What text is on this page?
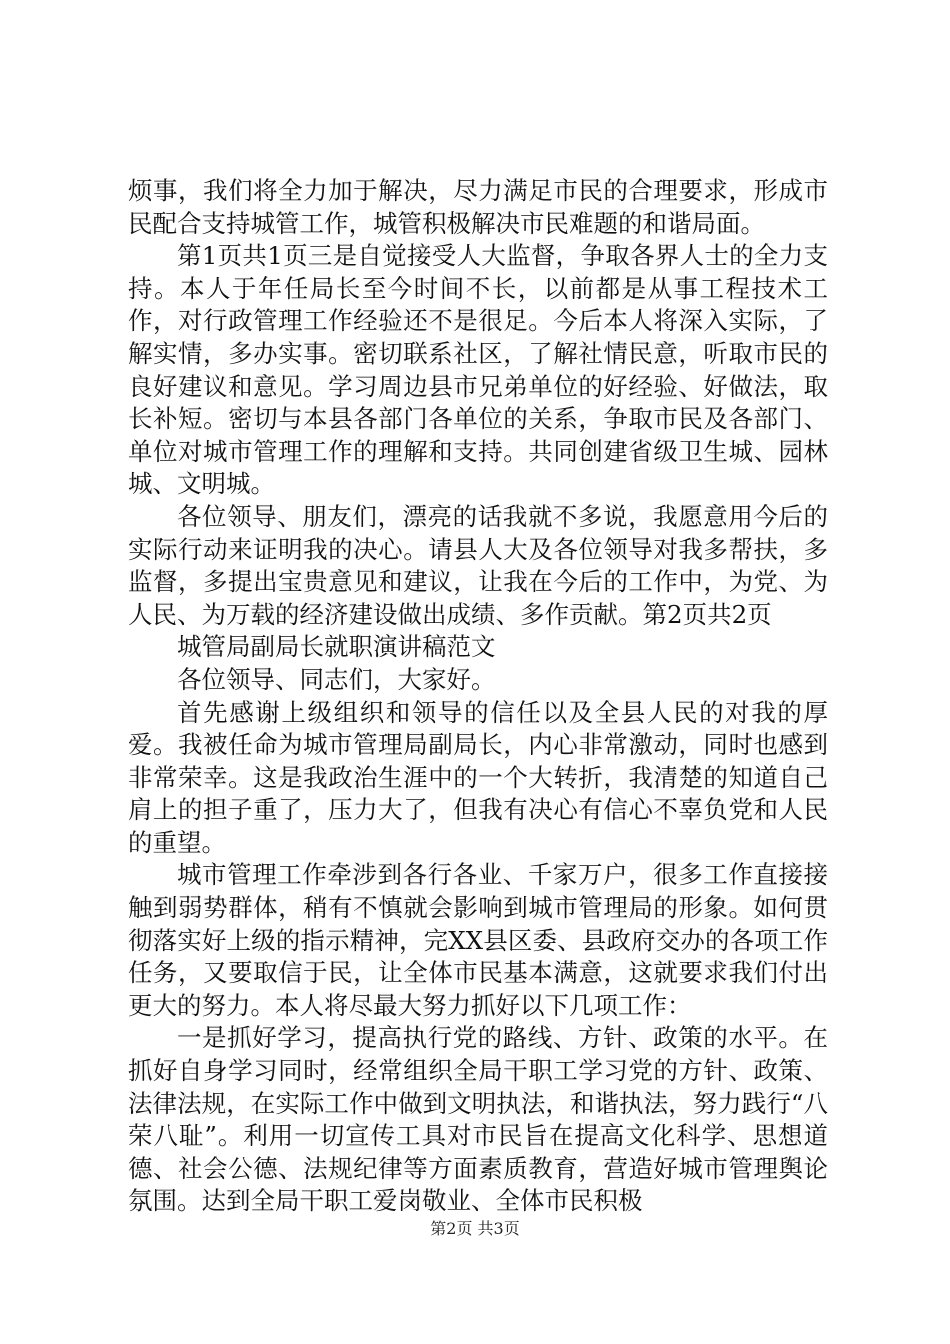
烦事，我们将全力加于解决，尽力满足市民的合理要求，形成市民配合支持城管工作，城管积极解决市民难题的和谐局面。

第1页共1页三是自觉接受人大监督，争取各界人士的全力支持。本人于年任局长至今时间不长，以前都是从事工程技术工作，对行政管理工作经验还不是很足。今后本人将深入实际，了解实情，多办实事。密切联系社区，了解社情民意，听取市民的良好建议和意见。学习周边县市兄弟单位的好经验、好做法，取长补短。密切与本县各部门各单位的关系，争取市民及各部门、单位对城市管理工作的理解和支持。共同创建省级卫生城、园林城、文明城。

各位领导、朋友们，漂亮的话我就不多说，我愿意用今后的实际行动来证明我的决心。请县人大及各位领导对我多帮扶，多监督，多提出宝贵意见和建议，让我在今后的工作中，为党、为人民、为万载的经济建设做出成绩、多作贡献。第2页共2页

城管局副局长就职演讲稿范文

各位领导、同志们，大家好。

首先感谢上级组织和领导的信任以及全县人民的对我的厚爱。我被任命为城市管理局副局长，内心非常激动，同时也感到非常荣幸。这是我政治生涯中的一个大转折，我清楚的知道自己肩上的担子重了，压力大了，但我有决心有信心不辜负党和人民的重望。

城市管理工作牵涉到各行各业、千家万户，很多工作直接接触到弱势群体，稍有不慎就会影响到城市管理局的形象。如何贯彻落实好上级的指示精神，完XX县区委、县政府交办的各项工作任务，又要取信于民，让全体市民基本满意，这就要求我们付出更大的努力。本人将尽最大努力抓好以下几项工作：

一是抓好学习，提高执行党的路线、方针、政策的水平。在抓好自身学习同时，经常组织全局干职工学习党的方针、政策、法律法规，在实际工作中做到文明执法，和谐执法，努力践行“八荣八耻”。利用一切宣传工具对市民旨在提高文化科学、思想道德、社会公德、法规纪律等方面素质教育，营造好城市管理舆论氛围。达到全局干职工爱岗敬业、全体市民积极

第2页 共3页
